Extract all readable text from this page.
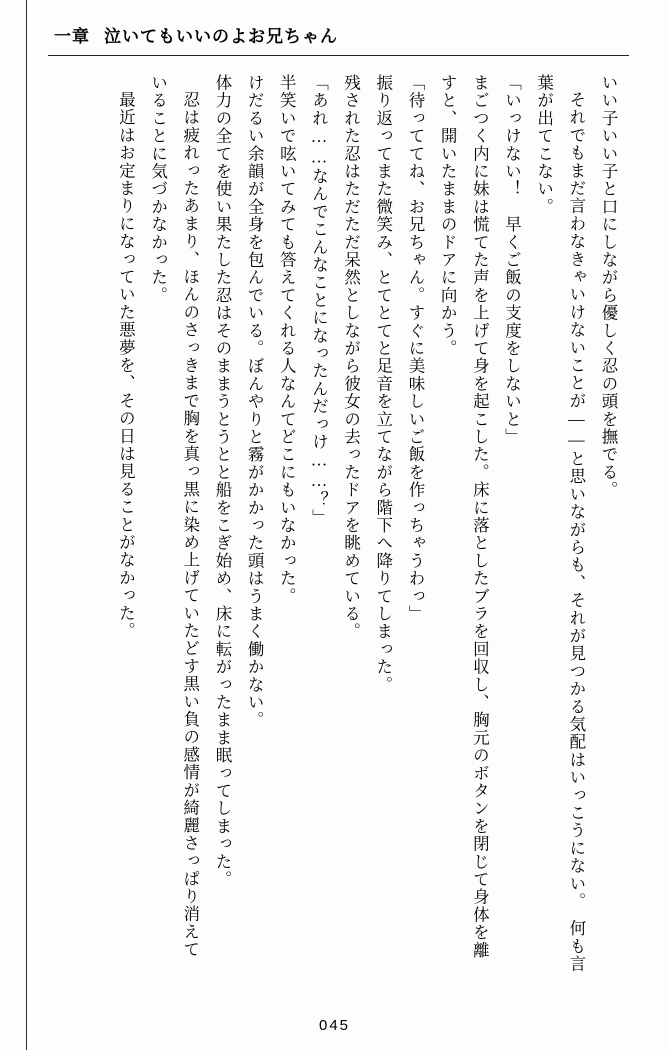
一章 泣いてもいいのよお兄ちゃん

いい子いい子と口にしながら優しく忍の頭を撫でる。

それでもまだ言わなきゃいけないことが――と思いながらも、それが見つかる気配はいっこうにない。　何も言葉が出てこない。

「いっけない！　早くご飯の支度をしないと」

まごつく内に妹は慌てた声を上げて身を起こした。床に落としたブラを回収し、胸元のボタンを閉じて身体を離すと、開いたままのドアに向かう。

「待っててね、お兄ちゃん。すぐに美味しいご飯を作っちゃうわっ」

振り返ってまた微笑み、とてとてと足音を立てながら階下へ降りてしまった。

残された忍はただただ呆然としながら彼女の去ったドアを眺めている。

「あれ……なんでこんなことになったんだっけ……？」

半笑いで呟いてみても答えてくれる人なんてどこにもいなかった。

けだるい余韻が全身を包んでいる。ぼんやりと霧がかかった頭はうまく働かない。

体力の全てを使い果たした忍はそのままうとうとと船をこぎ始め、床に転がったまま眠ってしまった。

忍は疲れったあまり、ほんのさっきまで胸を真っ黒に染め上げていたどす黒い負の感情が綺麗さっぱり消えていることに気づかなかった。

最近はお定まりになっていた悪夢を、その日は見ることがなかった。

045
